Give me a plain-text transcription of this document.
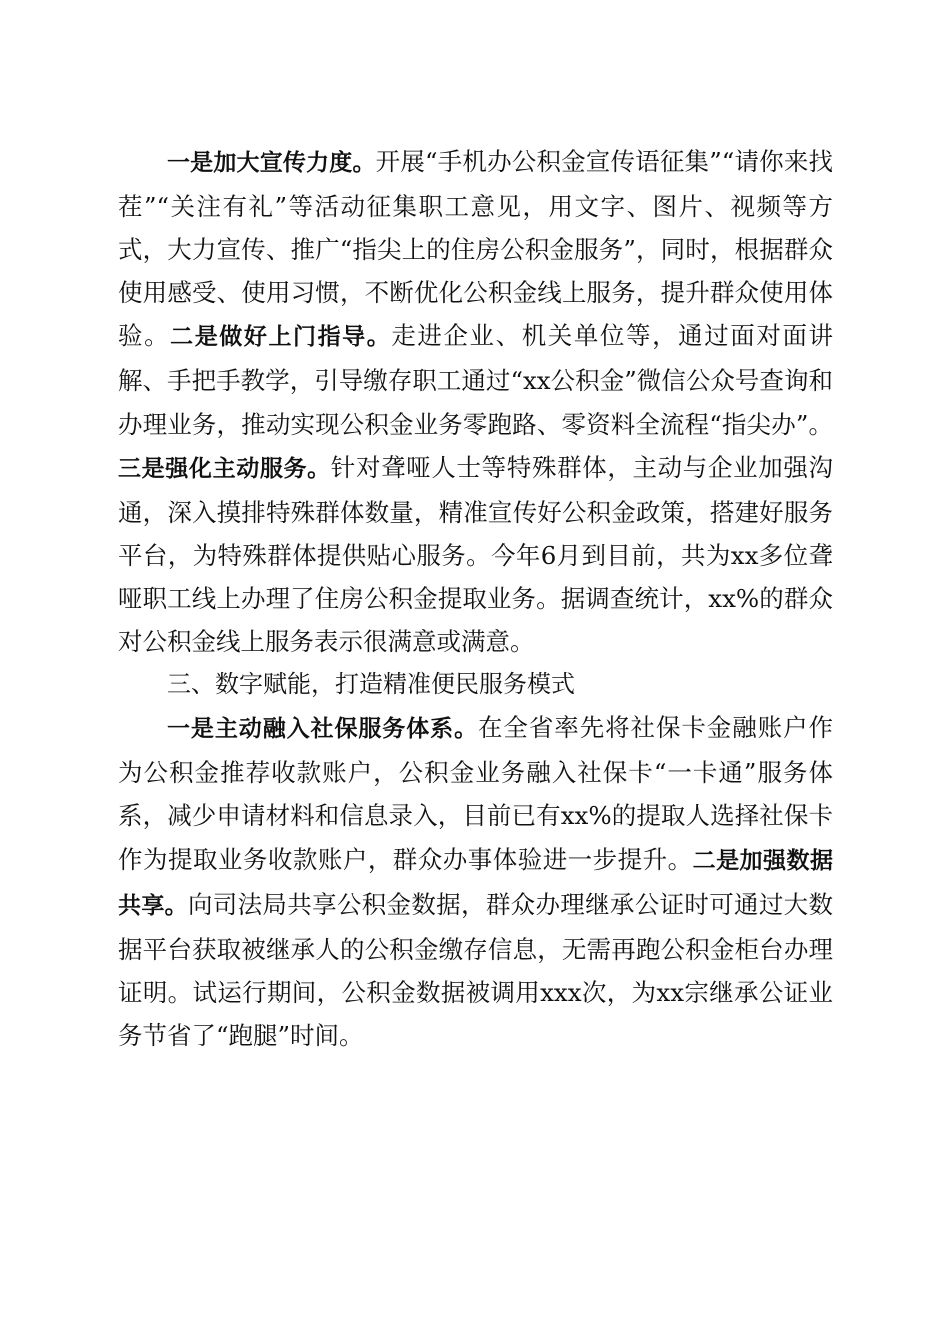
一是加大宣传力度。开展“手机办公积金宣传语征集”“请你来找茬”“关注有礼”等活动征集职工意见，用文字、图片、视频等方式，大力宣传、推广“指尖上的住房公积金服务”，同时，根据群众使用感受、使用习惯，不断优化公积金线上服务，提升群众使用体验。二是做好上门指导。走进企业、机关单位等，通过面对面讲解、手把手教学，引导缴存职工通过“xx公积金”微信公众号查询和办理业务，推动实现公积金业务零跑路、零资料全流程“指尖办”。三是强化主动服务。针对聋哑人士等特殊群体，主动与企业加强沟通，深入摸排特殊群体数量，精准宣传好公积金政策，搭建好服务平台，为特殊群体提供贴心服务。今年6月到目前，共为xx多位聋哑职工线上办理了住房公积金提取业务。据调查统计，xx%的群众对公积金线上服务表示很满意或满意。

三、数字赋能，打造精准便民服务模式

一是主动融入社保服务体系。在全省率先将社保卡金融账户作为公积金推荐收款账户，公积金业务融入社保卡“一卡通”服务体系，减少申请材料和信息录入，目前已有xx%的提取人选择社保卡作为提取业务收款账户，群众办事体验进一步提升。二是加强数据共享。向司法局共享公积金数据，群众办理继承公证时可通过大数据平台获取被继承人的公积金缴存信息，无需再跑公积金柜台办理证明。试运行期间，公积金数据被调用xxx次，为xx宗继承公证业务节省了“跑腿”时间。
